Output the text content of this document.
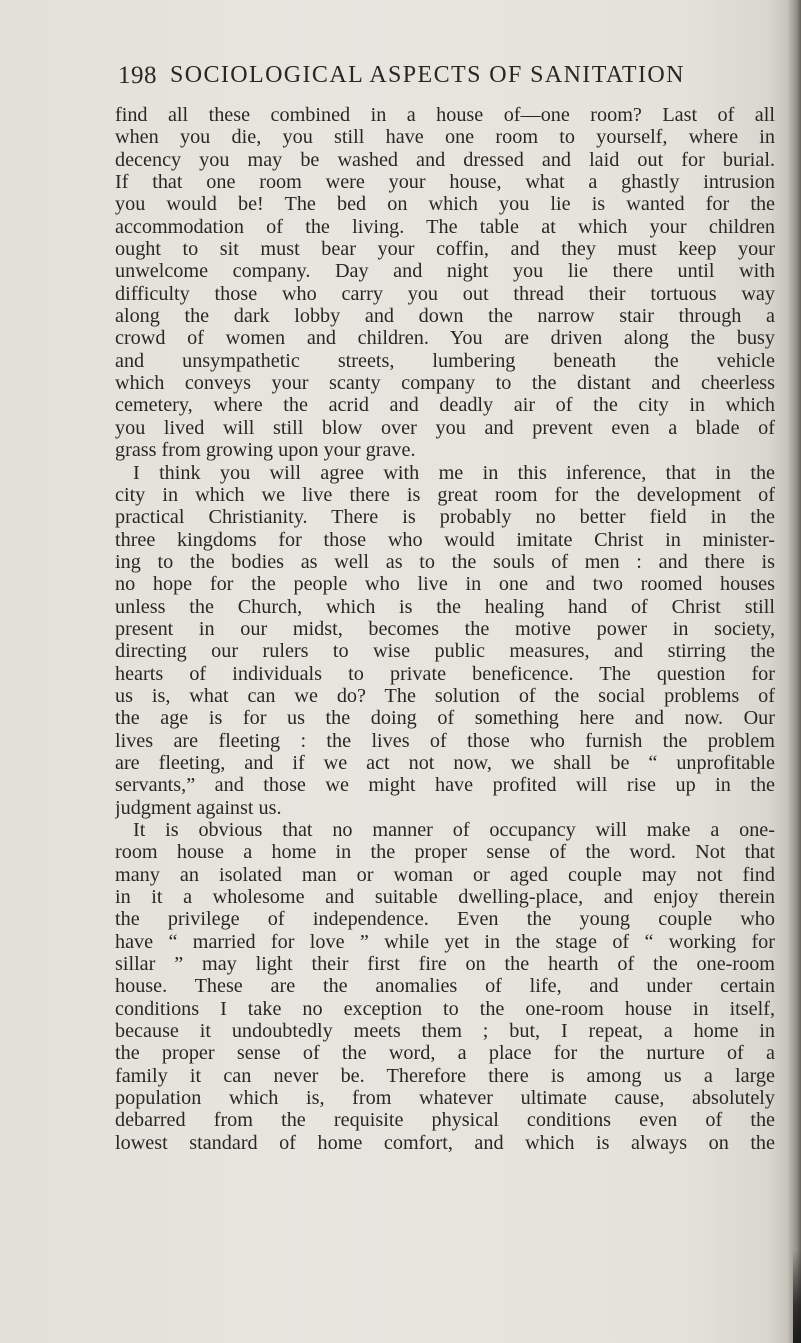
198 SOCIOLOGICAL ASPECTS OF SANITATION
find all these combined in a house of—one room? Last of all
when you die, you still have one room to yourself, where in
decency you may be washed and dressed and laid out for burial.
If that one room were your house, what a ghastly intrusion
you would be! The bed on which you lie is wanted for the
accommodation of the living. The table at which your children
ought to sit must bear your coffin, and they must keep your
unwelcome company. Day and night you lie there until with
difficulty those who carry you out thread their tortuous way
along the dark lobby and down the narrow stair through a
crowd of women and children. You are driven along the busy
and unsympathetic streets, lumbering beneath the vehicle
which conveys your scanty company to the distant and cheerless
cemetery, where the acrid and deadly air of the city in which
you lived will still blow over you and prevent even a blade of
grass from growing upon your grave.
I think you will agree with me in this inference, that in the
city in which we live there is great room for the development of
practical Christianity. There is probably no better field in the
three kingdoms for those who would imitate Christ in minister-
ing to the bodies as well as to the souls of men : and there is
no hope for the people who live in one and two roomed houses
unless the Church, which is the healing hand of Christ still
present in our midst, becomes the motive power in society,
directing our rulers to wise public measures, and stirring the
hearts of individuals to private beneficence. The question for
us is, what can we do? The solution of the social problems of
the age is for us the doing of something here and now. Our
lives are fleeting : the lives of those who furnish the problem
are fleeting, and if we act not now, we shall be “ unprofitable
servants,” and those we might have profited will rise up in the
judgment against us.
It is obvious that no manner of occupancy will make a one-
room house a home in the proper sense of the word. Not that
many an isolated man or woman or aged couple may not find
in it a wholesome and suitable dwelling-place, and enjoy therein
the privilege of independence. Even the young couple who
have “ married for love ” while yet in the stage of “ working for
sillar ” may light their first fire on the hearth of the one-room
house. These are the anomalies of life, and under certain
conditions I take no exception to the one-room house in itself,
because it undoubtedly meets them ; but, I repeat, a home in
the proper sense of the word, a place for the nurture of a
family it can never be. Therefore there is among us a large
population which is, from whatever ultimate cause, absolutely
debarred from the requisite physical conditions even of the
lowest standard of home comfort, and which is always on the
